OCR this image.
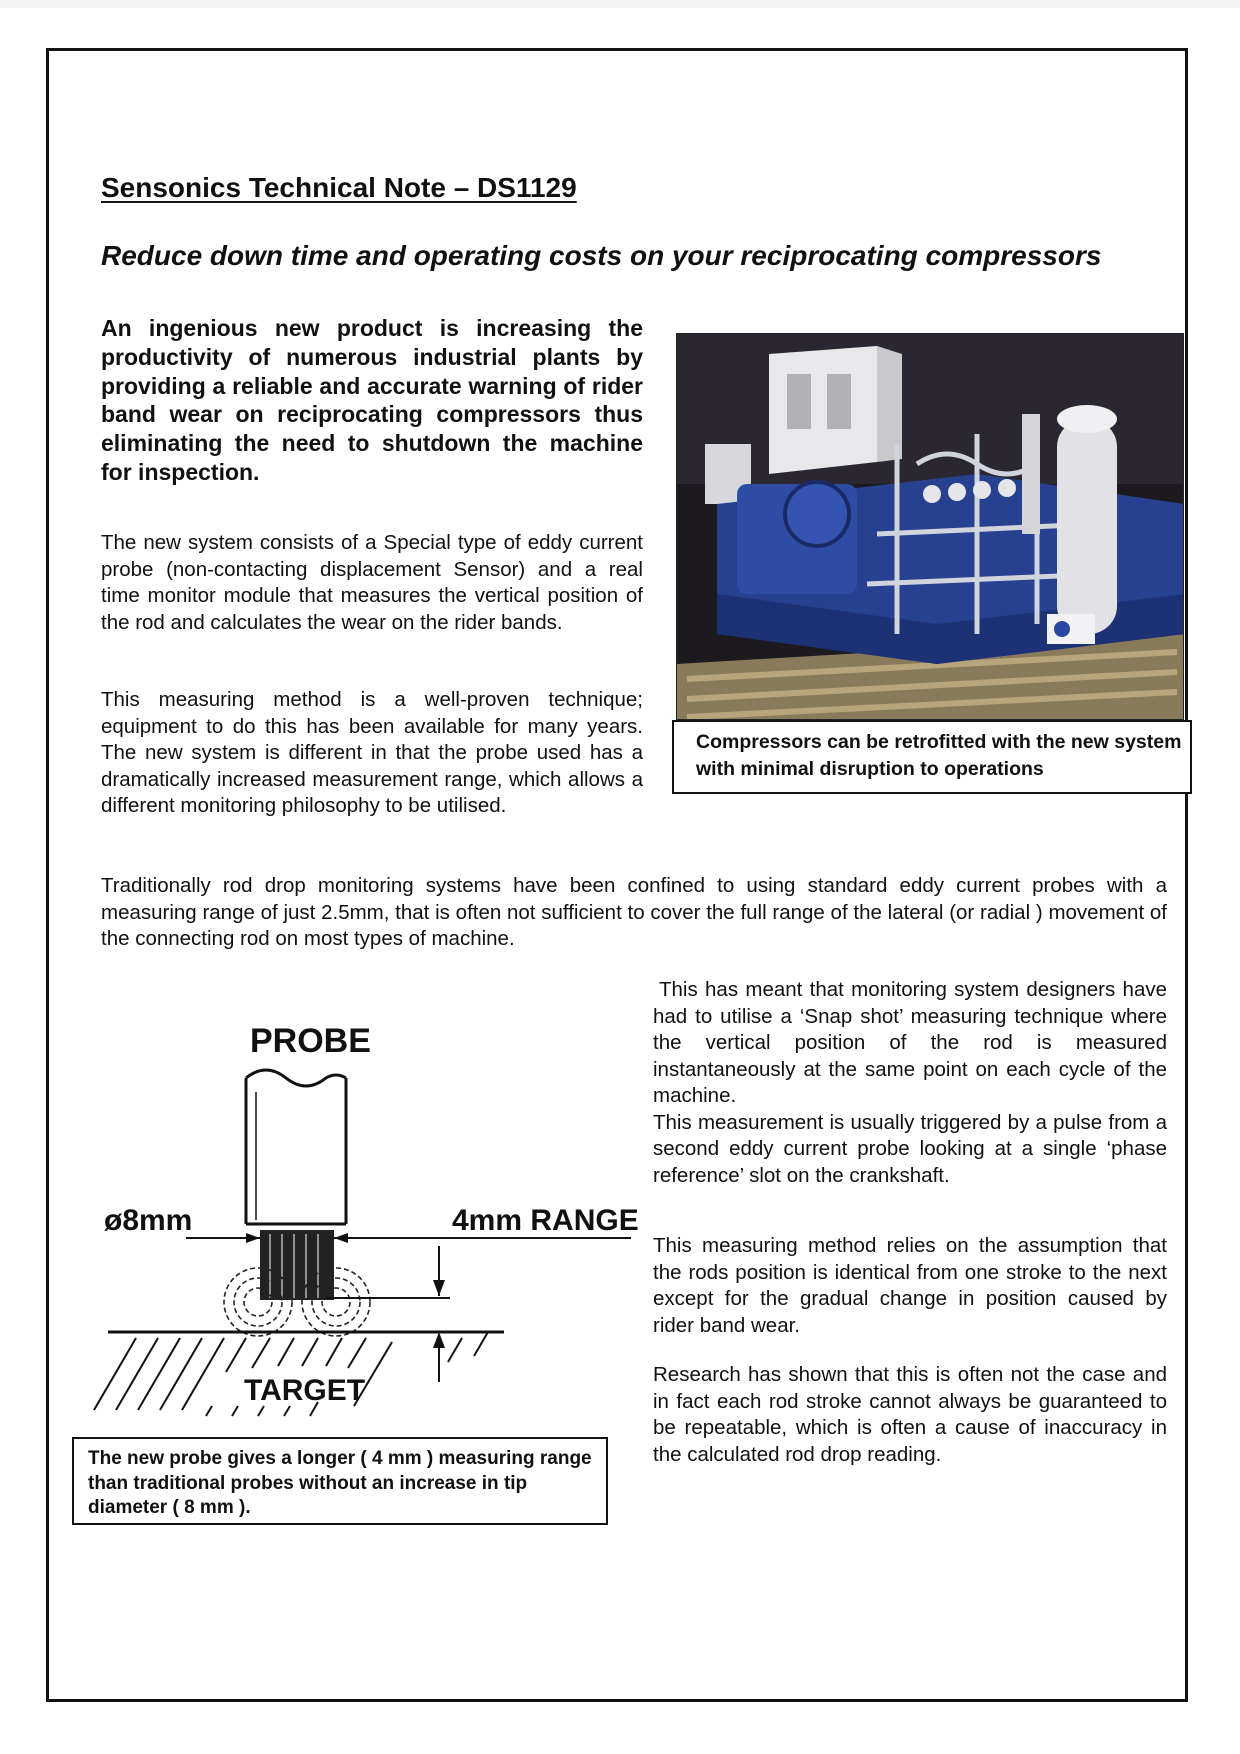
Sensonics Technical Note – DS1129
Reduce down time and operating costs on your reciprocating compressors
An ingenious new product is increasing the productivity of numerous industrial plants by providing a reliable and accurate warning of rider band wear on reciprocating compressors thus eliminating the need to shutdown the machine for inspection.

The new system consists of a Special type of eddy current probe (non-contacting displacement Sensor) and a real time monitor module that measures the vertical position of the rod and calculates the wear on the rider bands.

This measuring method is a well-proven technique; equipment to do this has been available for many years. The new system is different in that the probe used has a dramatically increased measurement range, which allows a different monitoring philosophy to be utilised.

Traditionally rod drop monitoring systems have been confined to using standard eddy current probes with a measuring range of just 2.5mm, that is often not sufficient to cover the full range of the lateral (or radial ) movement of the connecting rod on most types of machine.

Compressors can be retrofitted with the new system with minimal disruption to operations
PROBE
ø8mm	4mm RANGE
TARGET
The new probe gives a longer ( 4 mm ) measuring range than traditional probes without an increase in tip diameter ( 8 mm ).

This has meant that monitoring system designers have had to utilise a ‘Snap shot’ measuring technique where the vertical position of the rod is measured instantaneously at the same point on each cycle of the machine.
This measurement is usually triggered by a pulse from a second eddy current probe looking at a single ‘phase reference’ slot on the crankshaft.

This measuring method relies on the assumption that the rods position is identical from one stroke to the next except for the gradual change in position caused by rider band wear.

Research has shown that this is often not the case and in fact each rod stroke cannot always be guaranteed to be repeatable, which is often a cause of inaccuracy in the calculated rod drop reading.
